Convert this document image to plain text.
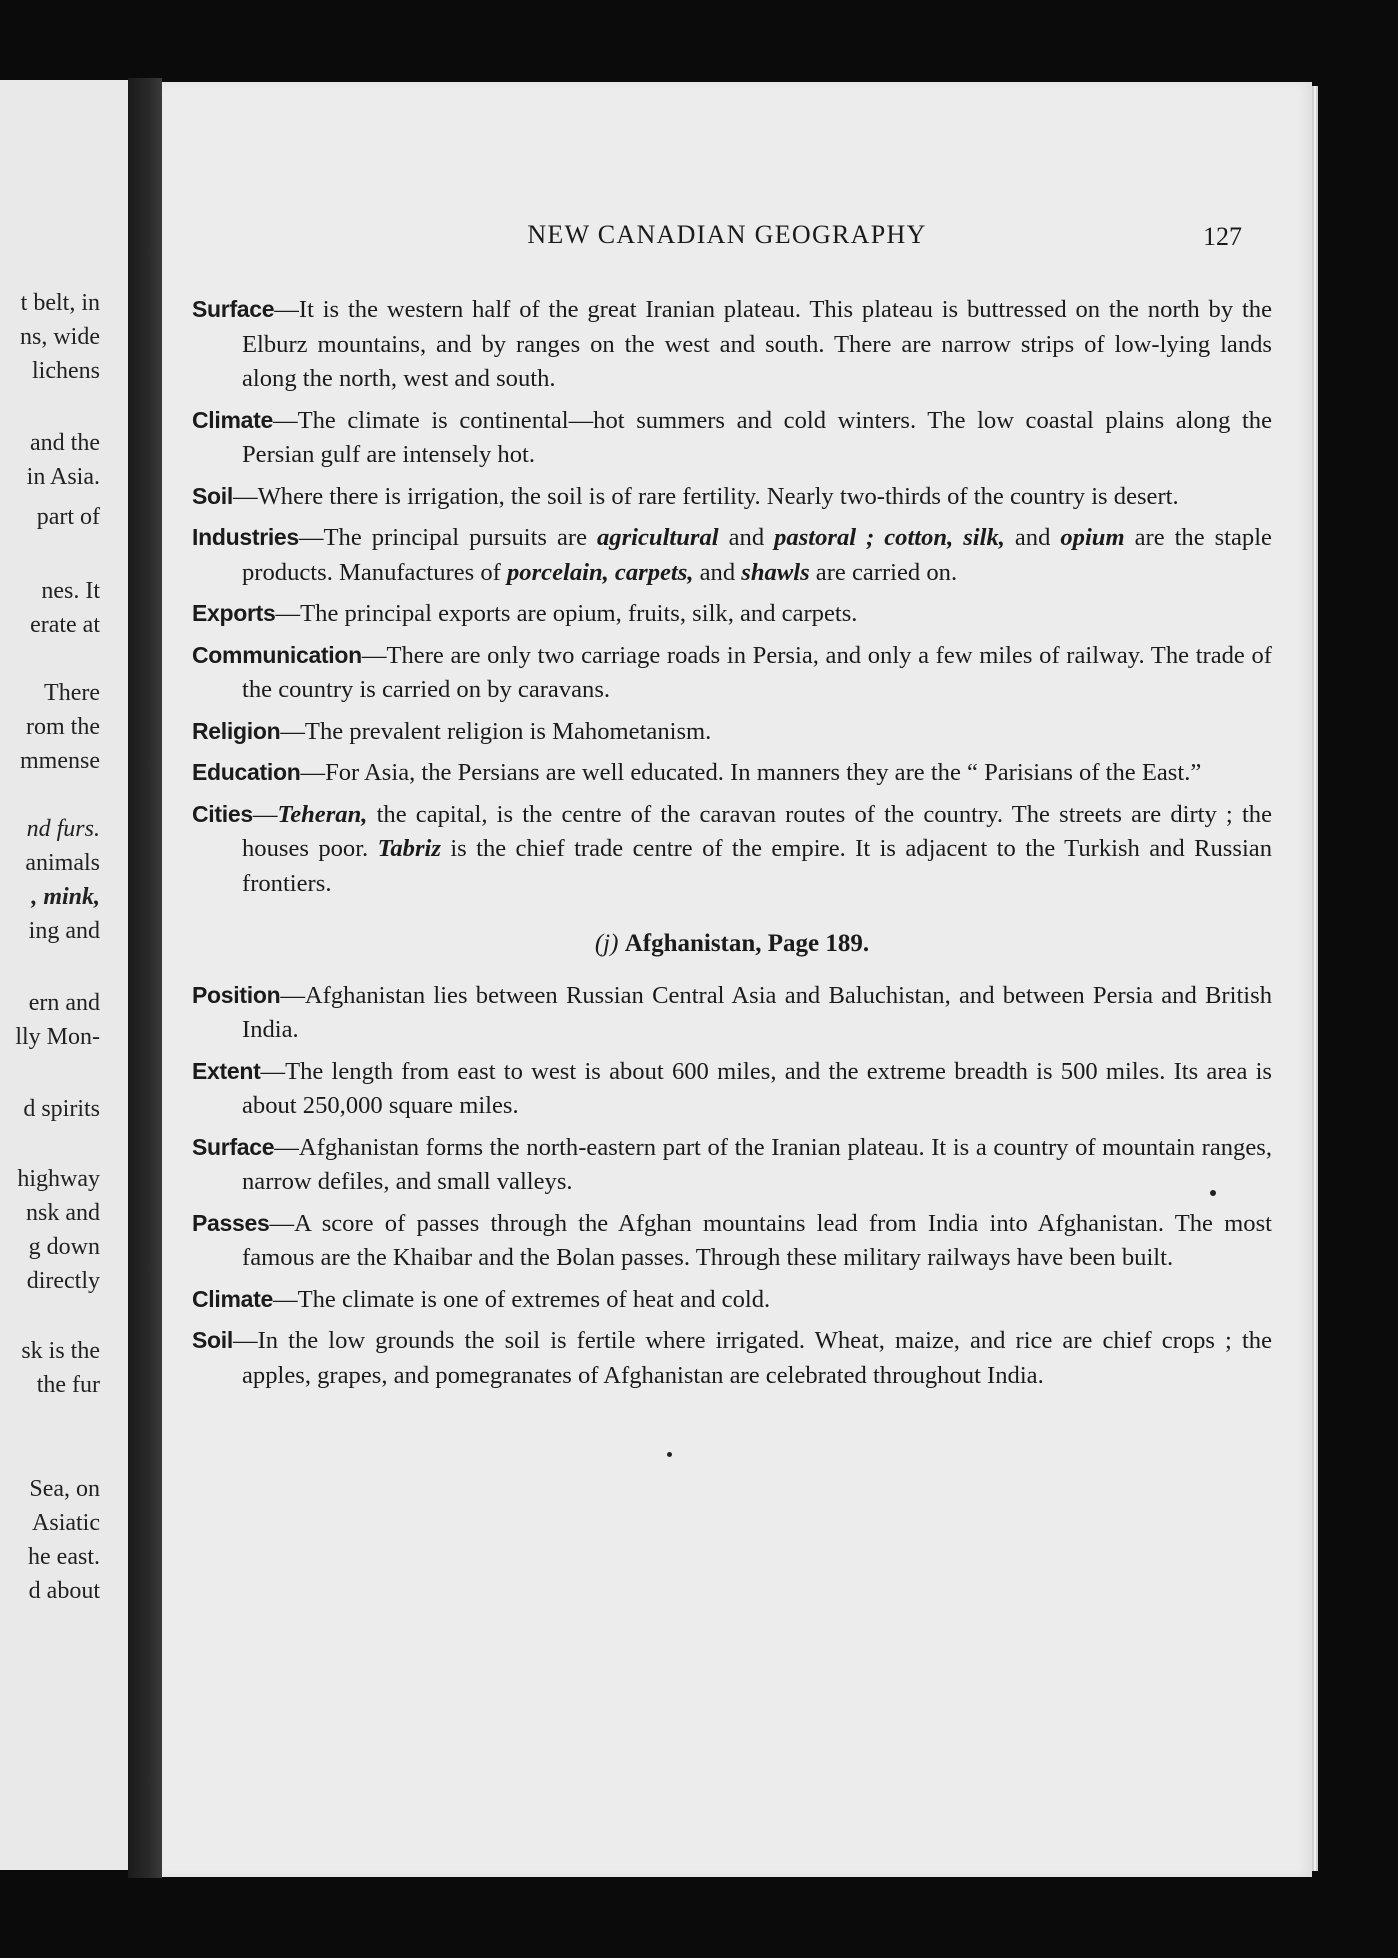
t belt, in
ns, wide
lichens
and the
in Asia.
part of
nes. It
erate at
There
rom the
mmense
nd furs.
animals
, mink,
ing and
ern and
lly Mon-
d spirits
highway
nsk and
g down
directly
sk is the
the fur
Sea, on
Asiatic
he east.
d about
NEW CANADIAN GEOGRAPHY	127

Surface—It is the western half of the great Iranian plateau. This plateau is buttressed on the north by the Elburz mountains, and by ranges on the west and south. There are narrow strips of low-lying lands along the north, west and south.

Climate—The climate is continental—hot summers and cold winters. The low coastal plains along the Persian gulf are intensely hot.

Soil—Where there is irrigation, the soil is of rare fertility. Nearly two-thirds of the country is desert.

Industries—The principal pursuits are agricultural and pastoral ; cotton, silk, and opium are the staple products. Manufactures of porcelain, carpets, and shawls are carried on.

Exports—The principal exports are opium, fruits, silk, and carpets.

Communication—There are only two carriage roads in Persia, and only a few miles of railway. The trade of the country is carried on by caravans.

Religion—The prevalent religion is Mahometanism.

Education—For Asia, the Persians are well educated. In manners they are the “ Parisians of the East.”

Cities—Teheran, the capital, is the centre of the caravan routes of the country. The streets are dirty ; the houses poor. Tabriz is the chief trade centre of the empire. It is adjacent to the Turkish and Russian frontiers.

(j) Afghanistan, Page 189.

Position—Afghanistan lies between Russian Central Asia and Baluchistan, and between Persia and British India.

Extent—The length from east to west is about 600 miles, and the extreme breadth is 500 miles. Its area is about 250,000 square miles.

Surface—Afghanistan forms the north-eastern part of the Iranian plateau. It is a country of mountain ranges, narrow defiles, and small valleys.

Passes—A score of passes through the Afghan mountains lead from India into Afghanistan. The most famous are the Khaibar and the Bolan passes. Through these military railways have been built.

Climate—The climate is one of extremes of heat and cold.

Soil—In the low grounds the soil is fertile where irrigated. Wheat, maize, and rice are chief crops ; the apples, grapes, and pomegranates of Afghanistan are celebrated throughout India.
